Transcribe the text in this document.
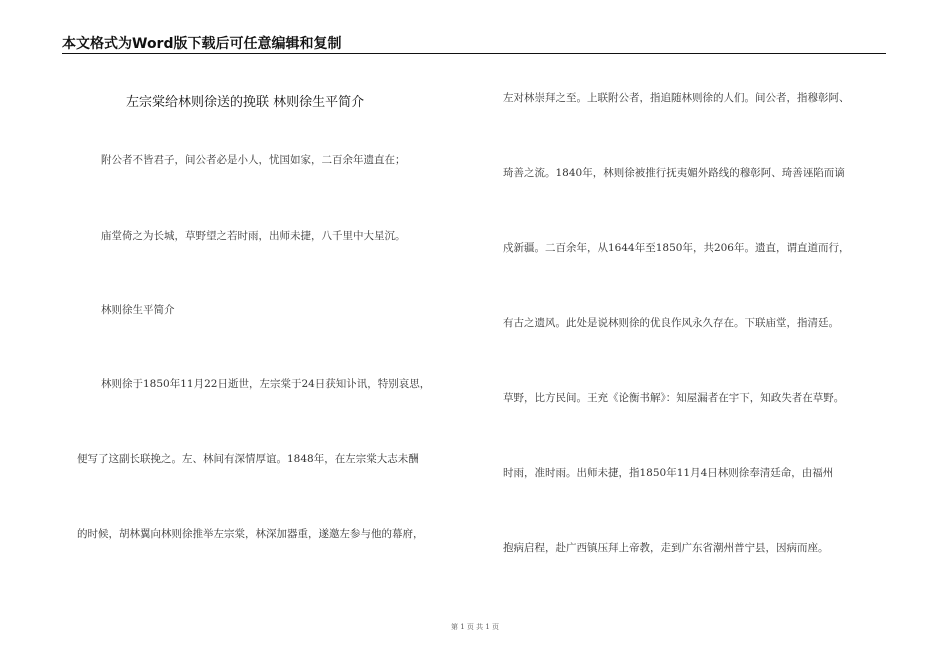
本文格式为Word版下载后可任意编辑和复制
左宗棠给林则徐送的挽联 林则徐生平简介
附公者不皆君子，间公者必是小人，忧国如家，二百余年遗直在；
庙堂倚之为长城，草野望之若时雨，出师未捷，八千里中大星沉。
林则徐生平简介
林则徐于1850年11月22日逝世，左宗棠于24日获知讣讯，特别哀思，
便写了这副长联挽之。左、林间有深情厚谊。1848年，在左宗棠大志未酬
的时候，胡林翼向林则徐推举左宗棠，林深加器重，遂邀左参与他的幕府，
左对林崇拜之至。上联附公者，指追随林则徐的人们。间公者，指穆彰阿、
琦善之流。1840年，林则徐被推行抚夷媚外路线的穆彰阿、琦善诬陷而谪
戍新疆。二百余年，从1644年至1850年，共206年。遗直，谓直道而行，
有古之遗风。此处是说林则徐的优良作风永久存在。下联庙堂，指清廷。
草野，比方民间。王充《论衡书解》：知屋漏者在宇下，知政失者在草野。
时雨，准时雨。出师未捷，指1850年11月4日林则徐奉清廷命，由福州
抱病启程，赴广西镇压拜上帝教，走到广东省潮州普宁县，因病而座。
第 1 页 共 1 页
